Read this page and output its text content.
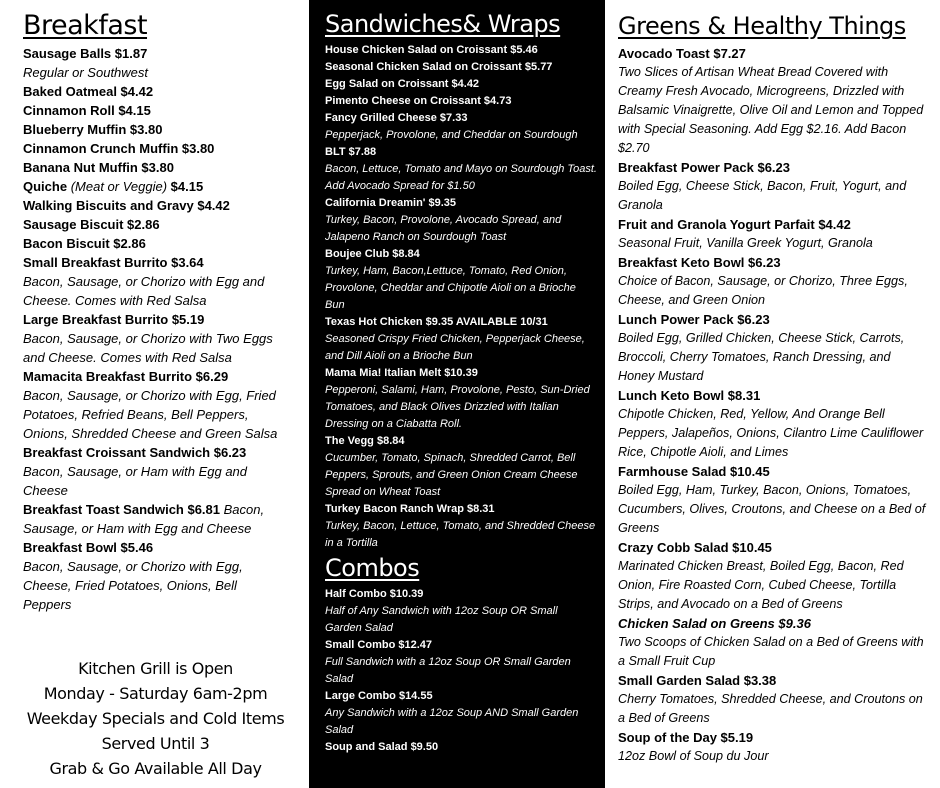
Breakfast
Sausage Balls $1.87
Regular or Southwest
Baked Oatmeal $4.42
Cinnamon Roll $4.15
Blueberry Muffin $3.80
Cinnamon Crunch Muffin $3.80
Banana Nut Muffin $3.80
Quiche (Meat or Veggie) $4.15
Walking Biscuits and Gravy $4.42
Sausage Biscuit $2.86
Bacon Biscuit $2.86
Small Breakfast Burrito $3.64
Bacon, Sausage, or Chorizo with Egg and Cheese. Comes with Red Salsa
Large Breakfast Burrito $5.19
Bacon, Sausage, or Chorizo with Two Eggs and Cheese. Comes with Red Salsa
Mamacita Breakfast Burrito $6.29
Bacon, Sausage, or Chorizo with Egg, Fried Potatoes, Refried Beans, Bell Peppers, Onions, Shredded Cheese and Green Salsa
Breakfast Croissant Sandwich $6.23
Bacon, Sausage, or Ham with Egg and Cheese
Breakfast Toast Sandwich $6.81 Bacon, Sausage, or Ham with Egg and Cheese
Breakfast Bowl $5.46
Bacon, Sausage, or Chorizo with Egg, Cheese, Fried Potatoes, Onions, Bell Peppers
Kitchen Grill is Open
Monday - Saturday 6am-2pm
Weekday Specials and Cold Items
Served Until 3
Grab & Go Available All Day
Sandwiches& Wraps
House Chicken Salad on Croissant $5.46
Seasonal Chicken Salad on Croissant $5.77
Egg Salad on Croissant $4.42
Pimento Cheese on Croissant $4.73
Fancy Grilled Cheese $7.33
Pepperjack, Provolone, and Cheddar on Sourdough
BLT $7.88
Bacon, Lettuce, Tomato and Mayo on Sourdough Toast. Add Avocado Spread for $1.50
California Dreamin' $9.35
Turkey, Bacon, Provolone, Avocado Spread, and Jalapeno Ranch on Sourdough Toast
Boujee Club $8.84
Turkey, Ham, Bacon,Lettuce, Tomato, Red Onion, Provolone, Cheddar and Chipotle Aioli on a Brioche Bun
Texas Hot Chicken $9.35 AVAILABLE 10/31
Seasoned Crispy Fried Chicken, Pepperjack Cheese, and Dill Aioli on a Brioche Bun
Mama Mia! Italian Melt $10.39
Pepperoni, Salami, Ham, Provolone, Pesto, Sun-Dried Tomatoes, and Black Olives Drizzled with Italian Dressing on a Ciabatta Roll.
The Vegg $8.84
Cucumber, Tomato, Spinach, Shredded Carrot, Bell Peppers, Sprouts, and Green Onion Cream Cheese Spread on Wheat Toast
Turkey Bacon Ranch Wrap $8.31
Turkey, Bacon, Lettuce, Tomato, and Shredded Cheese in a Tortilla
Combos
Half Combo $10.39
Half of Any Sandwich with 12oz Soup OR Small Garden Salad
Small Combo $12.47
Full Sandwich with a 12oz Soup OR Small Garden Salad
Large Combo $14.55
Any Sandwich with a 12oz Soup AND Small Garden Salad
Soup and Salad $9.50
Greens & Healthy Things
Avocado Toast $7.27
Two Slices of Artisan Wheat Bread Covered with Creamy Fresh Avocado, Microgreens, Drizzled with Balsamic Vinaigrette, Olive Oil and Lemon and Topped with Special Seasoning. Add Egg $2.16. Add Bacon $2.70
Breakfast Power Pack $6.23
Boiled Egg, Cheese Stick, Bacon, Fruit, Yogurt, and Granola
Fruit and Granola Yogurt Parfait $4.42
Seasonal Fruit, Vanilla Greek Yogurt, Granola
Breakfast Keto Bowl $6.23
Choice of Bacon, Sausage, or Chorizo, Three Eggs, Cheese, and Green Onion
Lunch Power Pack $6.23
Boiled Egg, Grilled Chicken, Cheese Stick, Carrots, Broccoli, Cherry Tomatoes, Ranch Dressing, and Honey Mustard
Lunch Keto Bowl $8.31
Chipotle Chicken, Red, Yellow, And Orange Bell Peppers, Jalapeños, Onions, Cilantro Lime Cauliflower Rice, Chipotle Aioli, and Limes
Farmhouse Salad $10.45
Boiled Egg, Ham, Turkey, Bacon, Onions, Tomatoes, Cucumbers, Olives, Croutons, and Cheese on a Bed of Greens
Crazy Cobb Salad $10.45
Marinated Chicken Breast, Boiled Egg, Bacon, Red Onion, Fire Roasted Corn, Cubed Cheese, Tortilla Strips, and Avocado on a Bed of Greens
Chicken Salad on Greens $9.36
Two Scoops of Chicken Salad on a Bed of Greens with a Small Fruit Cup
Small Garden Salad $3.38
Cherry Tomatoes, Shredded Cheese, and Croutons on a Bed of Greens
Soup of the Day $5.19
12oz Bowl of Soup du Jour
